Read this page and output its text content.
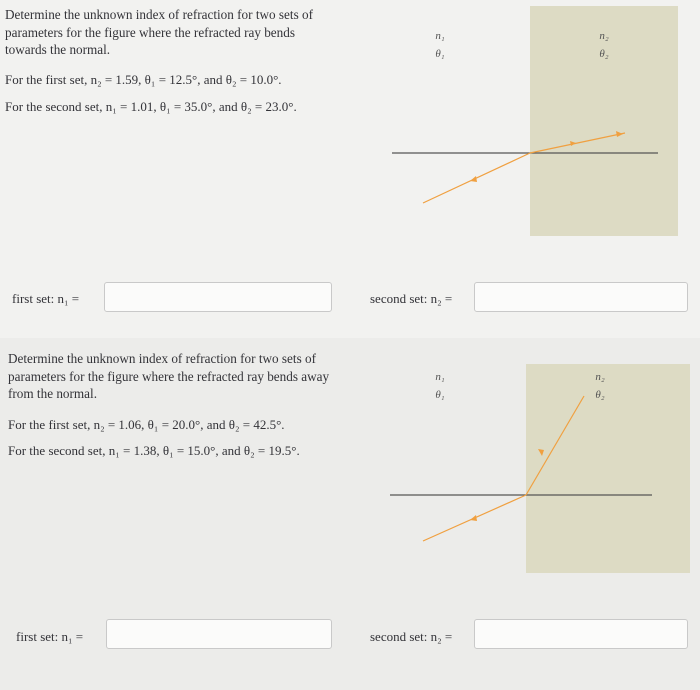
Determine the unknown index of refraction for two sets of parameters for the figure where the refracted ray bends towards the normal.
For the first set, n₂ = 1.59, θ₁ = 12.5°, and θ₂ = 10.0°.
For the second set, n₁ = 1.01, θ₁ = 35.0°, and θ₂ = 23.0°.
n₁
θ₁
n₂
θ₂
first set: n₁ =	second set: n₂ =
Determine the unknown index of refraction for two sets of parameters for the figure where the refracted ray bends away from the normal.
For the first set, n₂ = 1.06, θ₁ = 20.0°, and θ₂ = 42.5°.
For the second set, n₁ = 1.38, θ₁ = 15.0°, and θ₂ = 19.5°.
n₁
θ₁
n₂
θ₂
first set: n₁ =	second set: n₂ =
